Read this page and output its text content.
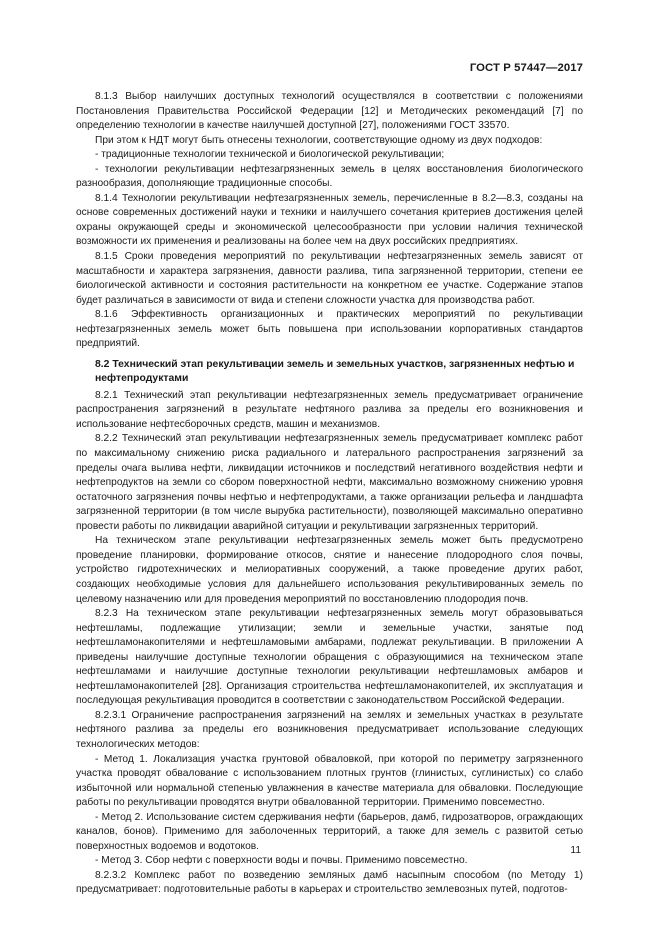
ГОСТ Р 57447—2017

8.1.3 Выбор наилучших доступных технологий осуществлялся в соответствии с положениями Постановления Правительства Российской Федерации [12] и Методических рекомендаций [7] по определению технологии в качестве наилучшей доступной [27], положениями ГОСТ 33570.

При этом к НДТ могут быть отнесены технологии, соответствующие одному из двух подходов:

- традиционные технологии технической и биологической рекультивации;

- технологии рекультивации нефтезагрязненных земель в целях восстановления биологического разнообразия, дополняющие традиционные способы.

8.1.4 Технологии рекультивации нефтезагрязненных земель, перечисленные в 8.2—8.3, созданы на основе современных достижений науки и техники и наилучшего сочетания критериев достижения целей охраны окружающей среды и экономической целесообразности при условии наличия технической возможности их применения и реализованы на более чем на двух российских предприятиях.

8.1.5 Сроки проведения мероприятий по рекультивации нефтезагрязненных земель зависят от масштабности и характера загрязнения, давности разлива, типа загрязненной территории, степени ее биологической активности и состояния растительности на конкретном ее участке. Содержание этапов будет различаться в зависимости от вида и степени сложности участка для производства работ.

8.1.6 Эффективность организационных и практических мероприятий по рекультивации нефтезагрязненных земель может быть повышена при использовании корпоративных стандартов предприятий.

8.2 Технический этап рекультивации земель и земельных участков, загрязненных нефтью и нефтепродуктами

8.2.1 Технический этап рекультивации нефтезагрязненных земель предусматривает ограничение распространения загрязнений в результате нефтяного разлива за пределы его возникновения и использование нефтесборочных средств, машин и механизмов.

8.2.2 Технический этап рекультивации нефтезагрязненных земель предусматривает комплекс работ по максимальному снижению риска радиального и латерального распространения загрязнений за пределы очага вылива нефти, ликвидации источников и последствий негативного воздействия нефти и нефтепродуктов на земли со сбором поверхностной нефти, максимально возможному снижению уровня остаточного загрязнения почвы нефтью и нефтепродуктами, а также организации рельефа и ландшафта загрязненной территории (в том числе вырубка растительности), позволяющей максимально оперативно провести работы по ликвидации аварийной ситуации и рекультивации загрязненных территорий.

На техническом этапе рекультивации нефтезагрязненных земель может быть предусмотрено проведение планировки, формирование откосов, снятие и нанесение плодородного слоя почвы, устройство гидротехнических и мелиоративных сооружений, а также проведение других работ, создающих необходимые условия для дальнейшего использования рекультивированных земель по целевому назначению или для проведения мероприятий по восстановлению плодородия почв.

8.2.3 На техническом этапе рекультивации нефтезагрязненных земель могут образовываться нефтешламы, подлежащие утилизации; земли и земельные участки, занятые под нефтешламонакопителями и нефтешламовыми амбарами, подлежат рекультивации. В приложении А приведены наилучшие доступные технологии обращения с образующимися на техническом этапе нефтешламами и наилучшие доступные технологии рекультивации нефтешламовых амбаров и нефтешламонакопителей [28]. Организация строительства нефтешламонакопителей, их эксплуатация и последующая рекультивация проводится в соответствии с законодательством Российской Федерации.

8.2.3.1 Ограничение распространения загрязнений на землях и земельных участках в результате нефтяного разлива за пределы его возникновения предусматривает использование следующих технологических методов:

- Метод 1. Локализация участка грунтовой обваловкой, при которой по периметру загрязненного участка проводят обвалование с использованием плотных грунтов (глинистых, суглинистых) со слабо избыточной или нормальной степенью увлажнения в качестве материала для обваловки. Последующие работы по рекультивации проводятся внутри обвалованной территории. Применимо повсеместно.

- Метод 2. Использование систем сдерживания нефти (барьеров, дамб, гидрозатворов, ограждающих каналов, бонов). Применимо для заболоченных территорий, а также для земель с развитой сетью поверхностных водоемов и водотоков.

- Метод 3. Сбор нефти с поверхности воды и почвы. Применимо повсеместно.

8.2.3.2 Комплекс работ по возведению земляных дамб насыпным способом (по Методу 1) предусматривает: подготовительные работы в карьерах и строительство землевозных путей, подготов-

11
